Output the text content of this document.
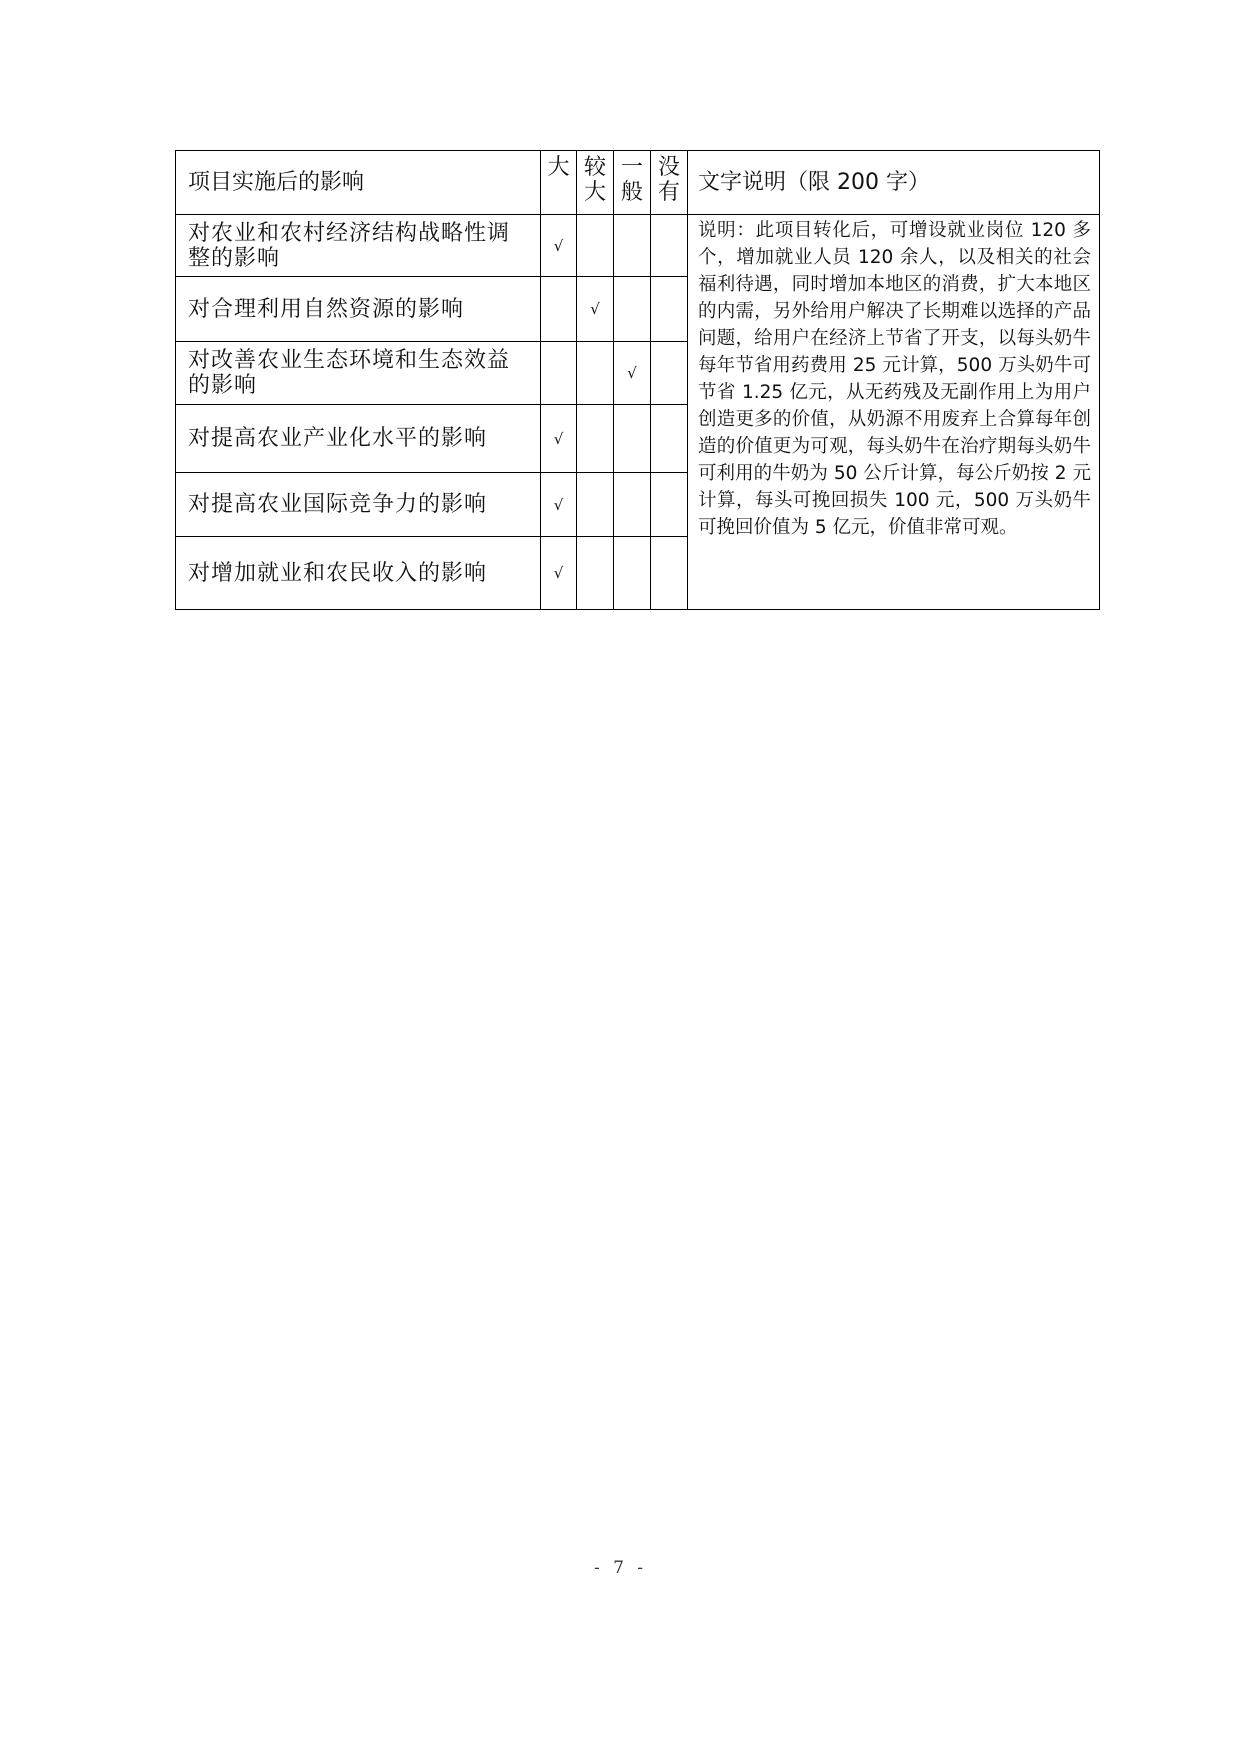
项目实施后的影响	大	较大	一般	没有	文字说明（限 200 字）
对农业和农村经济结构战略性调整的影响	√				说明：此项目转化后，可增设就业岗位 120 多个，增加就业人员 120 余人，以及相关的社会福利待遇，同时增加本地区的消费，扩大本地区的内需，另外给用户解决了长期难以选择的产品问题，给用户在经济上节省了开支，以每头奶牛每年节省用药费用 25 元计算，500 万头奶牛可节省 1.25 亿元，从无药残及无副作用上为用户创造更多的价值，从奶源不用废弃上合算每年创造的价值更为可观，每头奶牛在治疗期每头奶牛可利用的牛奶为 50 公斤计算，每公斤奶按 2 元计算，每头可挽回损失 100 元，500 万头奶牛可挽回价值为 5 亿元，价值非常可观。
对合理利用自然资源的影响		√			
对改善农业生态环境和生态效益的影响			√		
对提高农业产业化水平的影响	√				
对提高农业国际竞争力的影响	√				
对增加就业和农民收入的影响	√				
- 7 -
